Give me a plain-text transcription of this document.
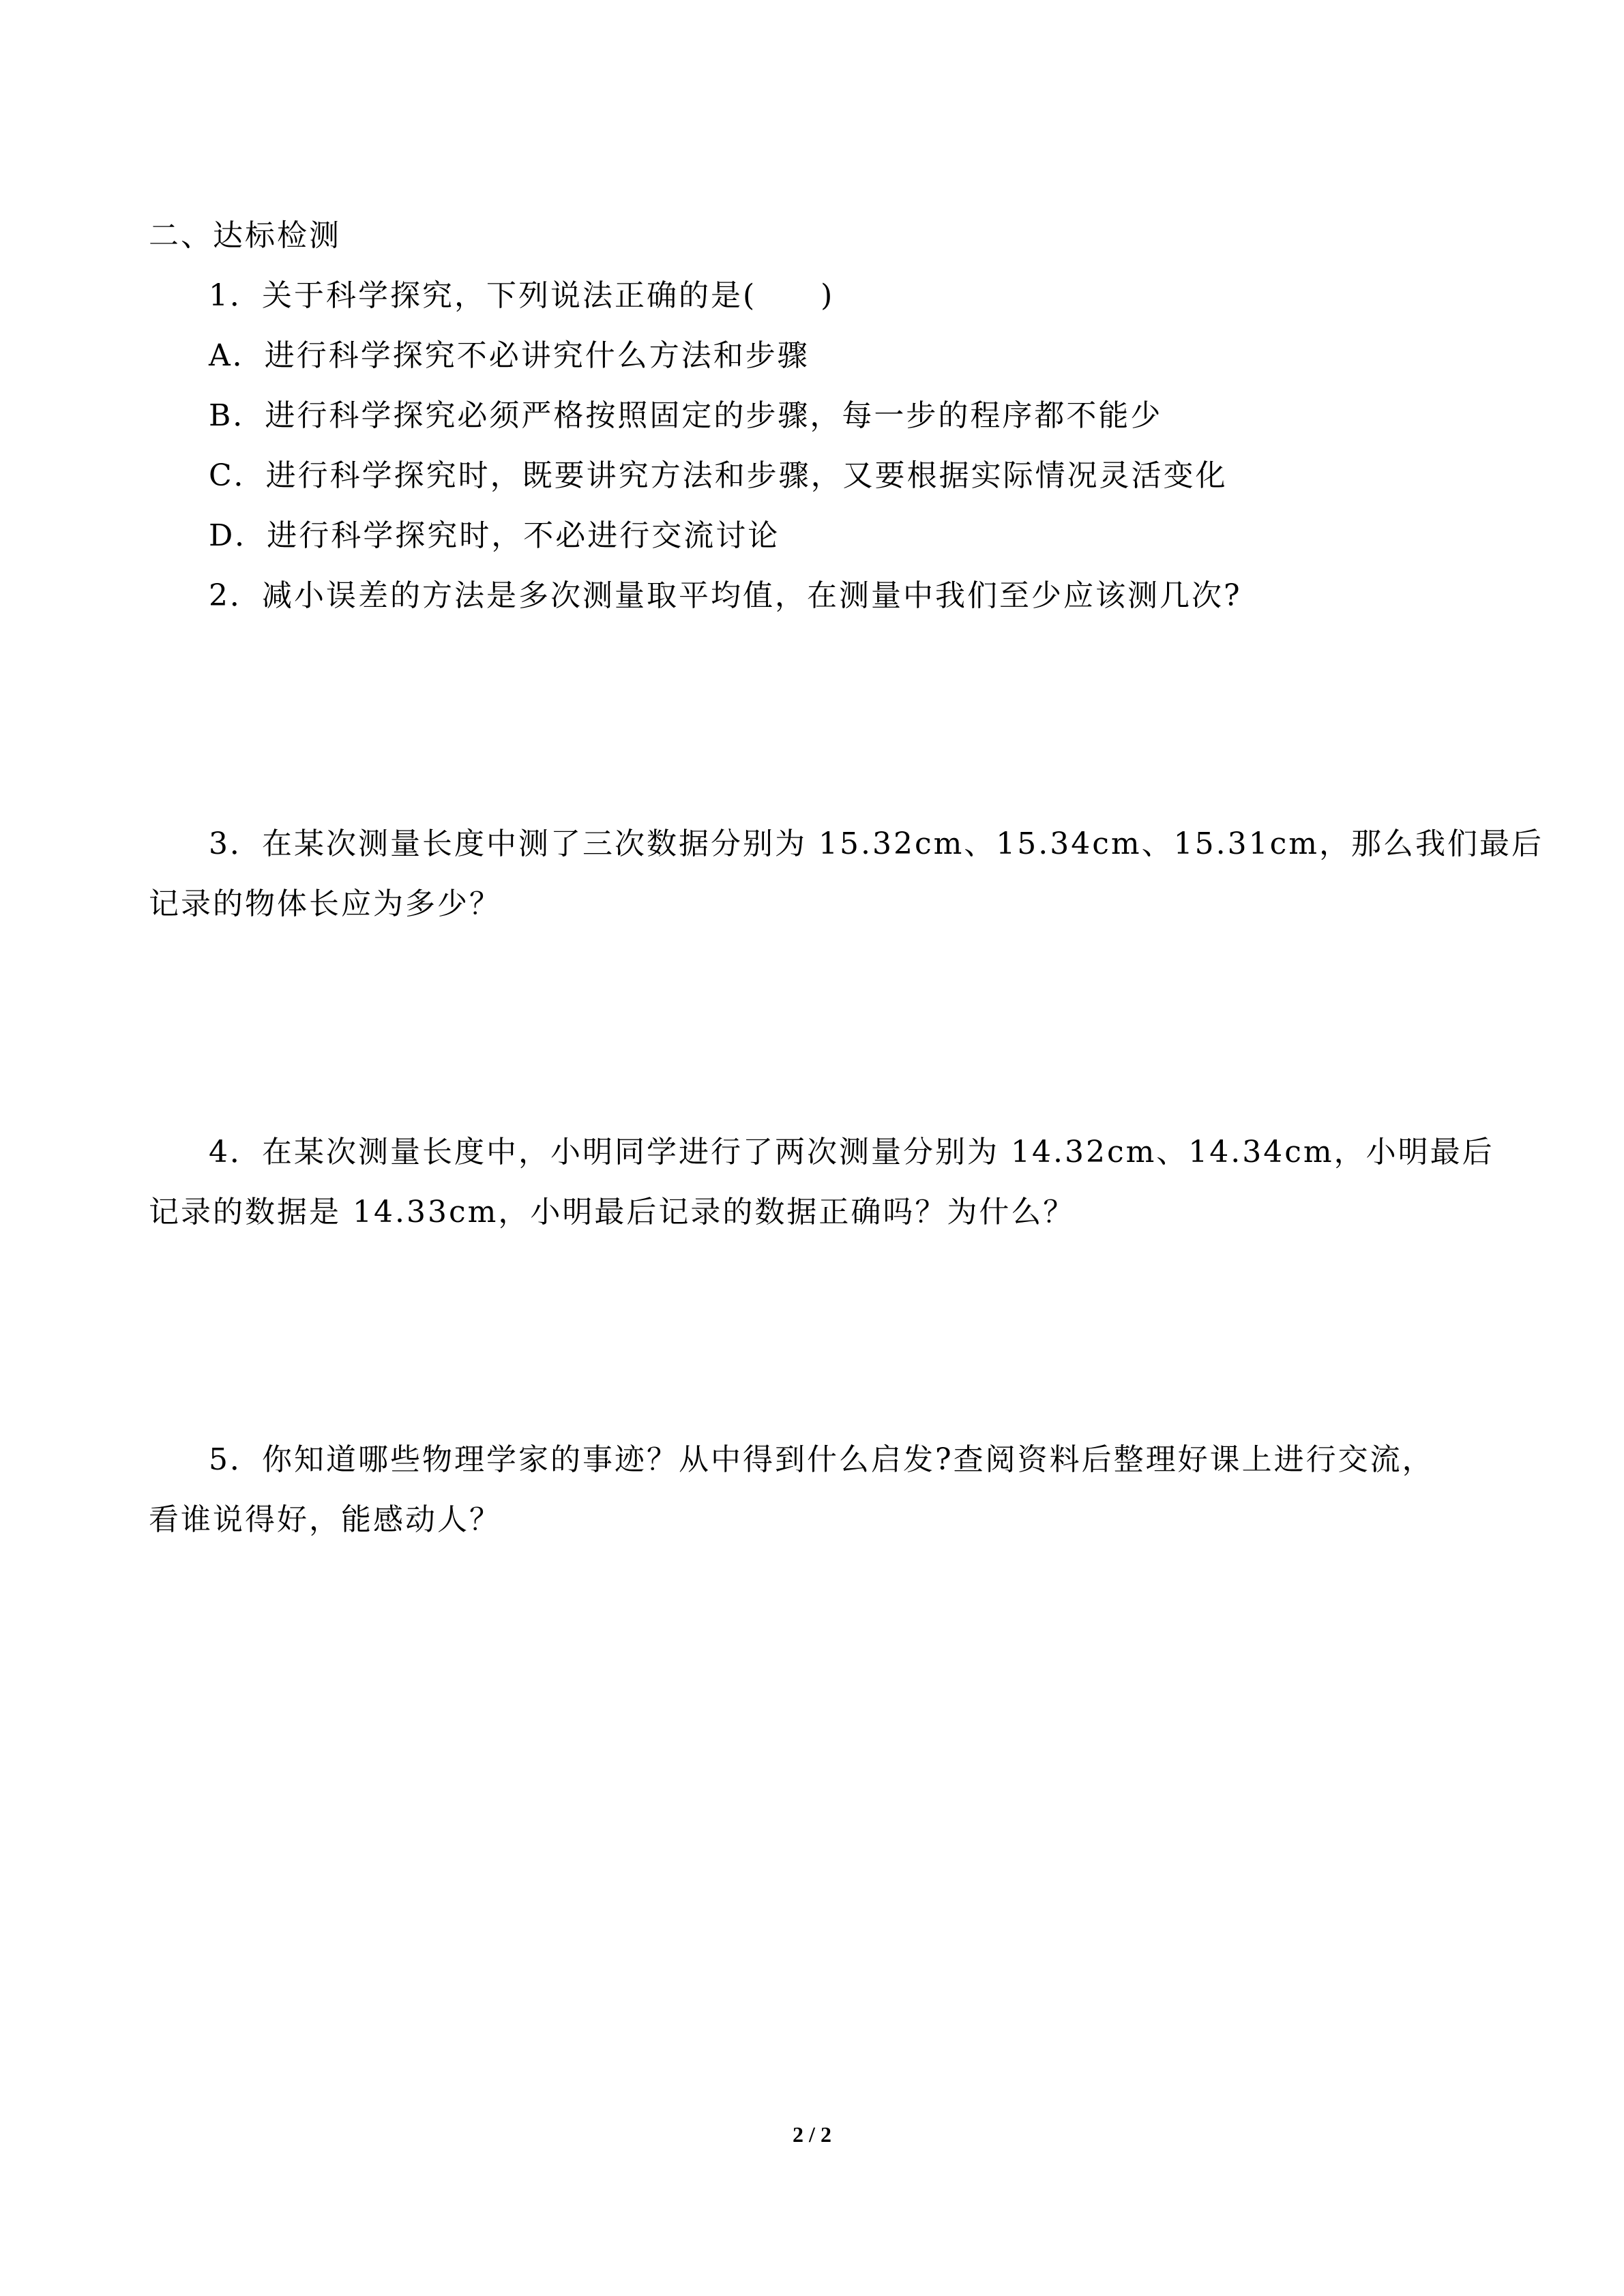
二、达标检测
1．关于科学探究，下列说法正确的是(　　)
A．进行科学探究不必讲究什么方法和步骤
B．进行科学探究必须严格按照固定的步骤，每一步的程序都不能少
C．进行科学探究时，既要讲究方法和步骤，又要根据实际情况灵活变化
D．进行科学探究时，不必进行交流讨论
2．减小误差的方法是多次测量取平均值，在测量中我们至少应该测几次?
3．在某次测量长度中测了三次数据分别为 15.32cm、15.34cm、15.31cm，那么我们最后
记录的物体长应为多少？
4．在某次测量长度中，小明同学进行了两次测量分别为 14.32cm、14.34cm，小明最后
记录的数据是 14.33cm，小明最后记录的数据正确吗？为什么？
5．你知道哪些物理学家的事迹？从中得到什么启发?查阅资料后整理好课上进行交流，
看谁说得好，能感动人？
2 / 2
